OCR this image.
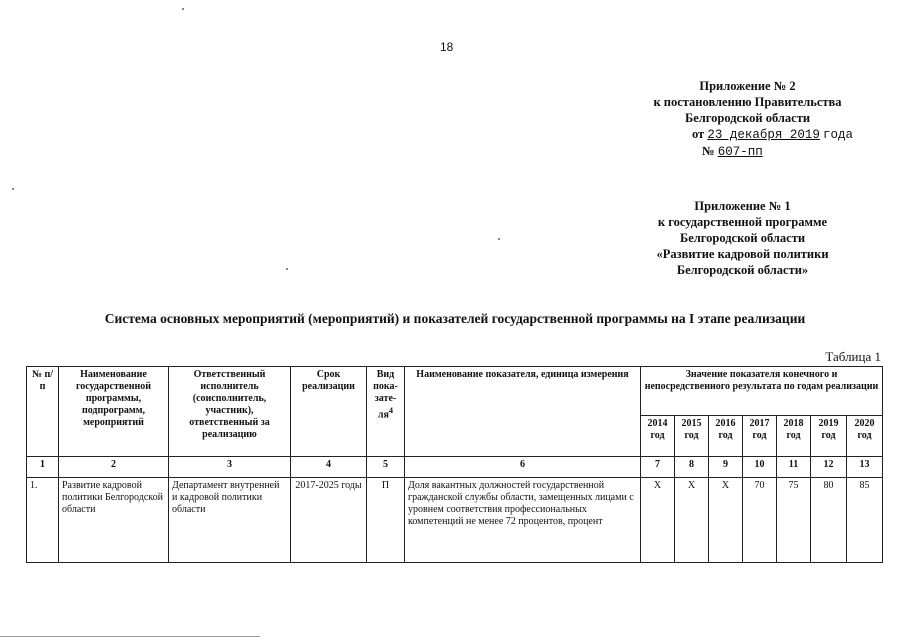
18
Приложение № 2
к постановлению Правительства
Белгородской области
от 23 декабря 2019 года
№ 607-пп
Приложение № 1
к государственной программе
Белгородской области
«Развитие кадровой политики
Белгородской области»
Система основных мероприятий (мероприятий) и показателей государственной программы на I этапе реализации
Таблица 1
№ п/п	Наименование государственной программы, подпрограмм, мероприятий	Ответственный исполнитель (соисполнитель, участник), ответственный за реализацию	Срок реализации	Вид пока-$зате-ля^4$	Наименование показателя, единица измерения	Значение показателя конечного и непосредственного результата по годам реализации						
						2014 год	2015 год	2016 год	2017 год	2018 год	2019 год	2020 год
1	2	3	4	5	6	7	8	9	10	11	12	13
1.	Развитие кадровой политики Белгородской области	Департамент внутренней и кадровой политики области	2017-2025 годы	П	Доля вакантных должностей государственной гражданской службы области, замещенных лицами с уровнем соответствия профессиональных компетенций не менее 72 процентов, процент	Х	Х	Х	70	75	80	85
